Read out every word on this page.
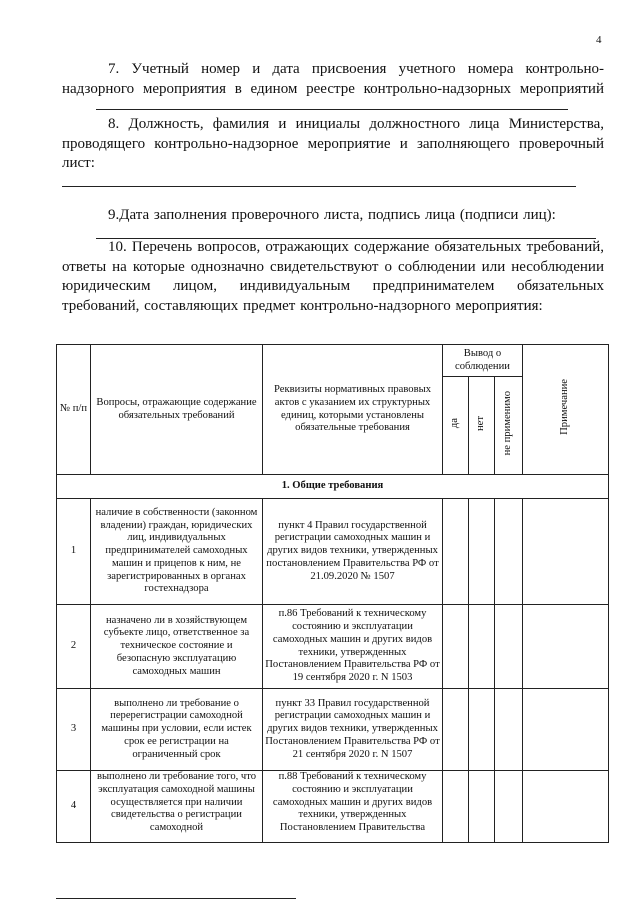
4
7. Учетный номер и дата присвоения учетного номера контрольно-надзорного мероприятия в едином реестре контрольно-надзорных мероприятий
8. Должность, фамилия и инициалы должностного лица Министерства, проводящего контрольно-надзорное мероприятие и заполняющего проверочный лист:
9.Дата заполнения проверочного листа, подпись лица (подписи лиц):
10. Перечень вопросов, отражающих содержание обязательных требований, ответы на которые однозначно свидетельствуют о соблюдении или несоблюдении юридическим лицом, индивидуальным предпринимателем обязательных требований, составляющих предмет контрольно-надзорного мероприятия:
№ п/п	Вопросы, отражающие содержание обязательных требований	Реквизиты нормативных правовых актов с указанием их структурных единиц, которыми установлены обязательные требования	Вывод о соблюдении			Примечание
			да	нет	не применимо	
1. Общие требования						
1	наличие в собственности (законном владении) граждан, юридических лиц, индивидуальных предпринимателей самоходных машин и прицепов к ним, не зарегистрированных в органах гостехнадзора	пункт 4 Правил государственной регистрации самоходных машин и других видов техники, утвержденных постановлением Правительства РФ от 21.09.2020 № 1507				
2	назначено ли в хозяйствующем субъекте лицо, ответственное за техническое состояние и безопасную эксплуатацию самоходных машин	п.86 Требований к техническому состоянию и эксплуатации самоходных машин и других видов техники, утвержденных Постановлением Правительства РФ от 19 сентября 2020 г. N 1503				
3	выполнено ли требование о перерегистрации самоходной машины при условии, если истек срок ее регистрации на ограниченный срок	пункт 33 Правил государственной регистрации самоходных машин и других видов техники, утвержденных Постановлением Правительства РФ от 21 сентября 2020 г. N 1507				
4	выполнено ли требование того, что эксплуатация самоходной машины осуществляется при наличии свидетельства о регистрации самоходной	п.88 Требований к техническому состоянию и эксплуатации самоходных машин и других видов техники, утвержденных Постановлением Правительства				
